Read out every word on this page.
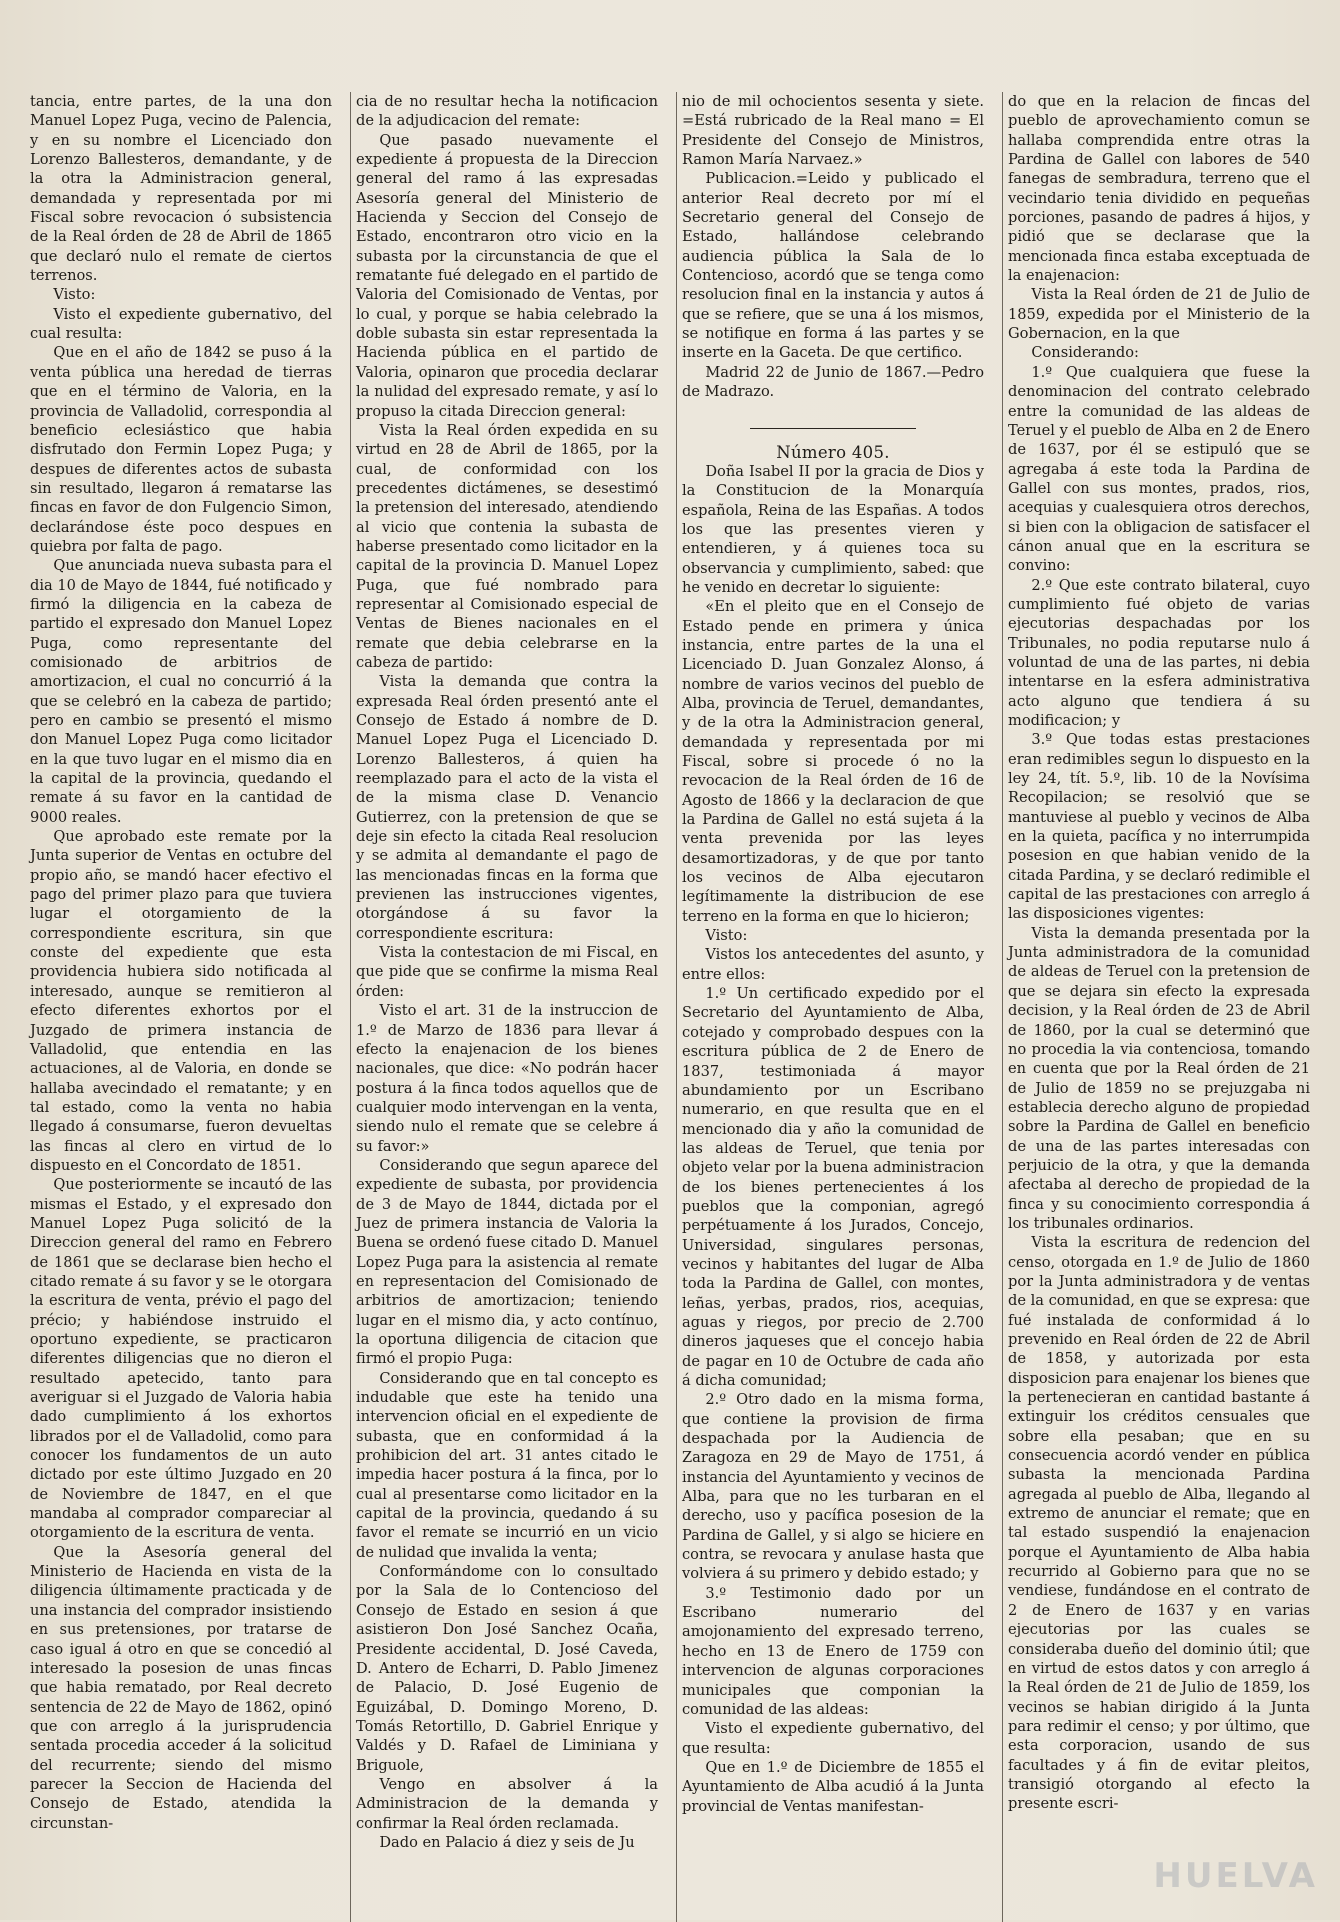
tancia, entre partes, de la una don Manuel Lopez Puga, vecino de Palencia, y en su nombre el Licenciado don Lorenzo Ballesteros, demandante, y de la otra la Administracion general, demandada y representada por mi Fiscal sobre revocacion ó subsistencia de la Real órden de 28 de Abril de 1865 que declaró nulo el remate de ciertos terrenos.

Visto:

Visto el expediente gubernativo, del cual resulta:

Que en el año de 1842 se puso á la venta pública una heredad de tierras que en el término de Valoria, en la provincia de Valladolid, correspondia al beneficio eclesiástico que habia disfrutado don Fermin Lopez Puga; y despues de diferentes actos de subasta sin resultado, llegaron á rematarse las fincas en favor de don Fulgencio Simon, declarándose éste poco despues en quiebra por falta de pago.

Que anunciada nueva subasta para el dia 10 de Mayo de 1844, fué notificado y firmó la diligencia en la cabeza de partido el expresado don Manuel Lopez Puga, como representante del comisionado de arbitrios de amortizacion, el cual no concurrió á la que se celebró en la cabeza de partido; pero en cambio se presentó el mismo don Manuel Lopez Puga como licitador en la que tuvo lugar en el mismo dia en la capital de la provincia, quedando el remate á su favor en la cantidad de 9000 reales.

Que aprobado este remate por la Junta superior de Ventas en octubre del propio año, se mandó hacer efectivo el pago del primer plazo para que tuviera lugar el otorgamiento de la correspondiente escritura, sin que conste del expediente que esta providencia hubiera sido notificada al interesado, aunque se remitieron al efecto diferentes exhortos por el Juzgado de primera instancia de Valladolid, que entendia en las actuaciones, al de Valoria, en donde se hallaba avecindado el rematante; y en tal estado, como la venta no habia llegado á consumarse, fueron devueltas las fincas al clero en virtud de lo dispuesto en el Concordato de 1851.

Que posteriormente se incautó de las mismas el Estado, y el expresado don Manuel Lopez Puga solicitó de la Direccion general del ramo en Febrero de 1861 que se declarase bien hecho el citado remate á su favor y se le otorgara la escritura de venta, prévio el pago del précio; y habiéndose instruido el oportuno expediente, se practicaron diferentes diligencias que no dieron el resultado apetecido, tanto para averiguar si el Juzgado de Valoria habia dado cumplimiento á los exhortos librados por el de Valladolid, como para conocer los fundamentos de un auto dictado por este último Juzgado en 20 de Noviembre de 1847, en el que mandaba al comprador compareciar al otorgamiento de la escritura de venta.

Que la Asesoría general del Ministerio de Hacienda en vista de la diligencia últimamente practicada y de una instancia del comprador insistiendo en sus pretensiones, por tratarse de caso igual á otro en que se concedió al interesado la posesion de unas fincas que habia rematado, por Real decreto sentencia de 22 de Mayo de 1862, opinó que con arreglo á la jurisprudencia sentada procedia acceder á la solicitud del recurrente; siendo del mismo parecer la Seccion de Hacienda del Consejo de Estado, atendida la circunstan-

cia de no resultar hecha la notificacion de la adjudicacion del remate:

Que pasado nuevamente el expediente á propuesta de la Direccion general del ramo á las expresadas Asesoría general del Ministerio de Hacienda y Seccion del Consejo de Estado, encontraron otro vicio en la subasta por la circunstancia de que el rematante fué delegado en el partido de Valoria del Comisionado de Ventas, por lo cual, y porque se habia celebrado la doble subasta sin estar representada la Hacienda pública en el partido de Valoria, opinaron que procedia declarar la nulidad del expresado remate, y así lo propuso la citada Direccion general:

Vista la Real órden expedida en su virtud en 28 de Abril de 1865, por la cual, de conformidad con los precedentes dictámenes, se desestimó la pretension del interesado, atendiendo al vicio que contenia la subasta de haberse presentado como licitador en la capital de la provincia D. Manuel Lopez Puga, que fué nombrado para representar al Comisionado especial de Ventas de Bienes nacionales en el remate que debia celebrarse en la cabeza de partido:

Vista la demanda que contra la expresada Real órden presentó ante el Consejo de Estado á nombre de D. Manuel Lopez Puga el Licenciado D. Lorenzo Ballesteros, á quien ha reemplazado para el acto de la vista el de la misma clase D. Venancio Gutierrez, con la pretension de que se deje sin efecto la citada Real resolucion y se admita al demandante el pago de las mencionadas fincas en la forma que previenen las instrucciones vigentes, otorgándose á su favor la correspondiente escritura:

Vista la contestacion de mi Fiscal, en que pide que se confirme la misma Real órden:

Visto el art. 31 de la instruccion de 1.º de Marzo de 1836 para llevar á efecto la enajenacion de los bienes nacionales, que dice: «No podrán hacer postura á la finca todos aquellos que de cualquier modo intervengan en la venta, siendo nulo el remate que se celebre á su favor:»

Considerando que segun aparece del expediente de subasta, por providencia de 3 de Mayo de 1844, dictada por el Juez de primera instancia de Valoria la Buena se ordenó fuese citado D. Manuel Lopez Puga para la asistencia al remate en representacion del Comisionado de arbitrios de amortizacion; teniendo lugar en el mismo dia, y acto contínuo, la oportuna diligencia de citacion que firmó el propio Puga:

Considerando que en tal concepto es indudable que este ha tenido una intervencion oficial en el expediente de subasta, que en conformidad á la prohibicion del art. 31 antes citado le impedia hacer postura á la finca, por lo cual al presentarse como licitador en la capital de la provincia, quedando á su favor el remate se incurrió en un vicio de nulidad que invalida la venta;

Conformándome con lo consultado por la Sala de lo Contencioso del Consejo de Estado en sesion á que asistieron Don José Sanchez Ocaña, Presidente accidental, D. José Caveda, D. Antero de Echarri, D. Pablo Jimenez de Palacio, D. José Eugenio de Eguizábal, D. Domingo Moreno, D. Tomás Retortillo, D. Gabriel Enrique y Valdés y D. Rafael de Liminiana y Briguole,

Vengo en absolver á la Administracion de la demanda y confirmar la Real órden reclamada.

Dado en Palacio á diez y seis de Ju

nio de mil ochocientos sesenta y siete. =Está rubricado de la Real mano = El Presidente del Consejo de Ministros, Ramon María Narvaez.»

Publicacion.=Leido y publicado el anterior Real decreto por mí el Secretario general del Consejo de Estado, hallándose celebrando audiencia pública la Sala de lo Contencioso, acordó que se tenga como resolucion final en la instancia y autos á que se refiere, que se una á los mismos, se notifique en forma á las partes y se inserte en la Gaceta. De que certifico.

Madrid 22 de Junio de 1867.—Pedro de Madrazo.

Número 405.

Doña Isabel II por la gracia de Dios y la Constitucion de la Monarquía española, Reina de las Españas. A todos los que las presentes vieren y entendieren, y á quienes toca su observancia y cumplimiento, sabed: que he venido en decretar lo siguiente:

«En el pleito que en el Consejo de Estado pende en primera y única instancia, entre partes de la una el Licenciado D. Juan Gonzalez Alonso, á nombre de varios vecinos del pueblo de Alba, provincia de Teruel, demandantes, y de la otra la Administracion general, demandada y representada por mi Fiscal, sobre si procede ó no la revocacion de la Real órden de 16 de Agosto de 1866 y la declaracion de que la Pardina de Gallel no está sujeta á la venta prevenida por las leyes desamortizadoras, y de que por tanto los vecinos de Alba ejecutaron legítimamente la distribucion de ese terreno en la forma en que lo hicieron;

Visto:

Vistos los antecedentes del asunto, y entre ellos:

1.º Un certificado expedido por el Secretario del Ayuntamiento de Alba, cotejado y comprobado despues con la escritura pública de 2 de Enero de 1837, testimoniada á mayor abundamiento por un Escribano numerario, en que resulta que en el mencionado dia y año la comunidad de las aldeas de Teruel, que tenia por objeto velar por la buena administracion de los bienes pertenecientes á los pueblos que la componian, agregó perpétuamente á los Jurados, Concejo, Universidad, singulares personas, vecinos y habitantes del lugar de Alba toda la Pardina de Gallel, con montes, leñas, yerbas, prados, rios, acequias, aguas y riegos, por precio de 2.700 dineros jaqueses que el concejo habia de pagar en 10 de Octubre de cada año á dicha comunidad;

2.º Otro dado en la misma forma, que contiene la provision de firma despachada por la Audiencia de Zaragoza en 29 de Mayo de 1751, á instancia del Ayuntamiento y vecinos de Alba, para que no les turbaran en el derecho, uso y pacífica posesion de la Pardina de Gallel, y si algo se hiciere en contra, se revocara y anulase hasta que volviera á su primero y debido estado; y

3.º Testimonio dado por un Escribano numerario del amojonamiento del expresado terreno, hecho en 13 de Enero de 1759 con intervencion de algunas corporaciones municipales que componian la comunidad de las aldeas:

Visto el expediente gubernativo, del que resulta:

Que en 1.º de Diciembre de 1855 el Ayuntamiento de Alba acudió á la Junta provincial de Ventas manifestan-

do que en la relacion de fincas del pueblo de aprovechamiento comun se hallaba comprendida entre otras la Pardina de Gallel con labores de 540 fanegas de sembradura, terreno que el vecindario tenia dividido en pequeñas porciones, pasando de padres á hijos, y pidió que se declarase que la mencionada finca estaba exceptuada de la enajenacion:

Vista la Real órden de 21 de Julio de 1859, expedida por el Ministerio de la Gobernacion, en la que

Considerando:

1.º Que cualquiera que fuese la denominacion del contrato celebrado entre la comunidad de las aldeas de Teruel y el pueblo de Alba en 2 de Enero de 1637, por él se estipuló que se agregaba á este toda la Pardina de Gallel con sus montes, prados, rios, acequias y cualesquiera otros derechos, si bien con la obligacion de satisfacer el cánon anual que en la escritura se convino:

2.º Que este contrato bilateral, cuyo cumplimiento fué objeto de varias ejecutorias despachadas por los Tribunales, no podia reputarse nulo á voluntad de una de las partes, ni debia intentarse en la esfera administrativa acto alguno que tendiera á su modificacion; y

3.º Que todas estas prestaciones eran redimibles segun lo dispuesto en la ley 24, tít. 5.º, lib. 10 de la Novísima Recopilacion; se resolvió que se mantuviese al pueblo y vecinos de Alba en la quieta, pacífica y no interrumpida posesion en que habian venido de la citada Pardina, y se declaró redimible el capital de las prestaciones con arreglo á las disposiciones vigentes:

Vista la demanda presentada por la Junta administradora de la comunidad de aldeas de Teruel con la pretension de que se dejara sin efecto la expresada decision, y la Real órden de 23 de Abril de 1860, por la cual se determinó que no procedia la via contenciosa, tomando en cuenta que por la Real órden de 21 de Julio de 1859 no se prejuzgaba ni establecia derecho alguno de propiedad sobre la Pardina de Gallel en beneficio de una de las partes interesadas con perjuicio de la otra, y que la demanda afectaba al derecho de propiedad de la finca y su conocimiento correspondia á los tribunales ordinarios.

Vista la escritura de redencion del censo, otorgada en 1.º de Julio de 1860 por la Junta administradora y de ventas de la comunidad, en que se expresa: que fué instalada de conformidad á lo prevenido en Real órden de 22 de Abril de 1858, y autorizada por esta disposicion para enajenar los bienes que la pertenecieran en cantidad bastante á extinguir los créditos censuales que sobre ella pesaban; que en su consecuencia acordó vender en pública subasta la mencionada Pardina agregada al pueblo de Alba, llegando al extremo de anunciar el remate; que en tal estado suspendió la enajenacion porque el Ayuntamiento de Alba habia recurrido al Gobierno para que no se vendiese, fundándose en el contrato de 2 de Enero de 1637 y en varias ejecutorias por las cuales se consideraba dueño del dominio útil; que en virtud de estos datos y con arreglo á la Real órden de 21 de Julio de 1859, los vecinos se habian dirigido á la Junta para redimir el censo; y por último, que esta corporacion, usando de sus facultades y á fin de evitar pleitos, transigió otorgando al efecto la presente escri-

HUELVA
